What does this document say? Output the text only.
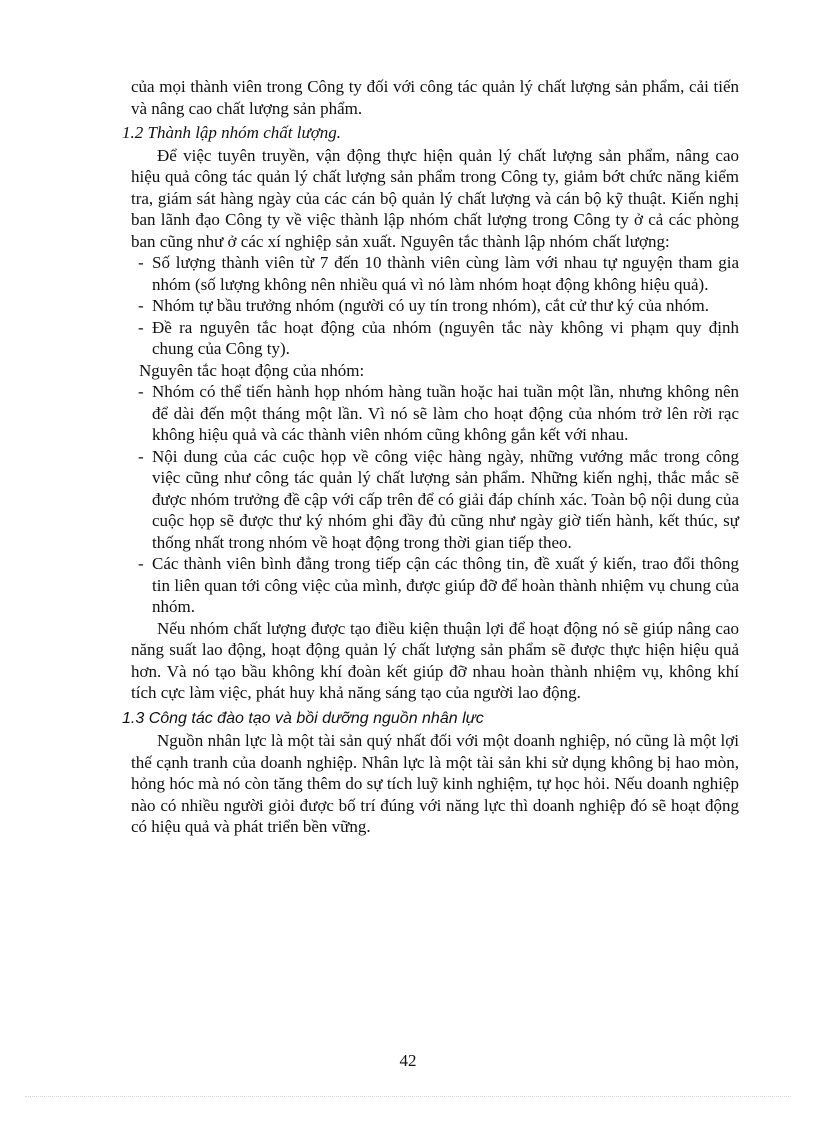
của mọi thành viên trong Công ty đối với công tác quản lý chất lượng sản phẩm, cải tiến và nâng cao chất lượng sản phẩm.

1.2 Thành lập nhóm chất lượng.

Để việc tuyên truyền, vận động thực hiện quản lý chất lượng sản phẩm, nâng cao hiệu quả công tác quản lý chất lượng sản phẩm trong Công ty, giảm bớt chức năng kiểm tra, giám sát hàng ngày của các cán bộ quản lý chất lượng và cán bộ kỹ thuật. Kiến nghị ban lãnh đạo Công ty về việc thành lập nhóm chất lượng trong Công ty ở cả các phòng ban cũng như ở các xí nghiệp sản xuất. Nguyên tắc thành lập nhóm chất lượng:

- Số lượng thành viên từ 7 đến 10 thành viên cùng làm với nhau tự nguyện tham gia nhóm (số lượng không nên nhiều quá vì nó làm nhóm hoạt động không hiệu quả).
- Nhóm tự bầu trưởng nhóm (người có uy tín trong nhóm), cắt cử thư ký của nhóm.
- Đề ra nguyên tắc hoạt động của nhóm (nguyên tắc này không vi phạm quy định chung của Công ty).

Nguyên tắc hoạt động của nhóm:

- Nhóm có thể tiến hành họp nhóm hàng tuần hoặc hai tuần một lần, nhưng không nên để dài đến một tháng một lần. Vì nó sẽ làm cho hoạt động của nhóm trở lên rời rạc không hiệu quả và các thành viên nhóm cũng không gắn kết với nhau.
- Nội dung của các cuộc họp về công việc hàng ngày, những vướng mắc trong công việc cũng như công tác quản lý chất lượng sản phẩm. Những kiến nghị, thắc mắc sẽ được nhóm trưởng đề cập với cấp trên để có giải đáp chính xác. Toàn bộ nội dung của cuộc họp sẽ được thư ký nhóm ghi đầy đủ cũng như ngày giờ tiến hành, kết thúc, sự thống nhất trong nhóm về hoạt động trong thời gian tiếp theo.
- Các thành viên bình đẳng trong tiếp cận các thông tin, đề xuất ý kiến, trao đổi thông tin liên quan tới công việc của mình, được giúp đỡ để hoàn thành nhiệm vụ chung của nhóm.

Nếu nhóm chất lượng được tạo điều kiện thuận lợi để hoạt động nó sẽ giúp nâng cao năng suất lao động, hoạt động quản lý chất lượng sản phẩm sẽ được thực hiện hiệu quả hơn. Và nó tạo bầu không khí đoàn kết giúp đỡ nhau hoàn thành nhiệm vụ, không khí tích cực làm việc, phát huy khả năng sáng tạo của người lao động.

1.3 Công tác đào tạo và bồi dưỡng nguồn nhân lực

Nguồn nhân lực là một tài sản quý nhất đối với một doanh nghiệp, nó cũng là một lợi thế cạnh tranh của doanh nghiệp. Nhân lực là một tài sản khi sử dụng không bị hao mòn, hỏng hóc mà nó còn tăng thêm do sự tích luỹ kinh nghiệm, tự học hỏi. Nếu doanh nghiệp nào có nhiều người giỏi được bố trí đúng với năng lực thì doanh nghiệp đó sẽ hoạt động có hiệu quả và phát triển bền vững.

42
